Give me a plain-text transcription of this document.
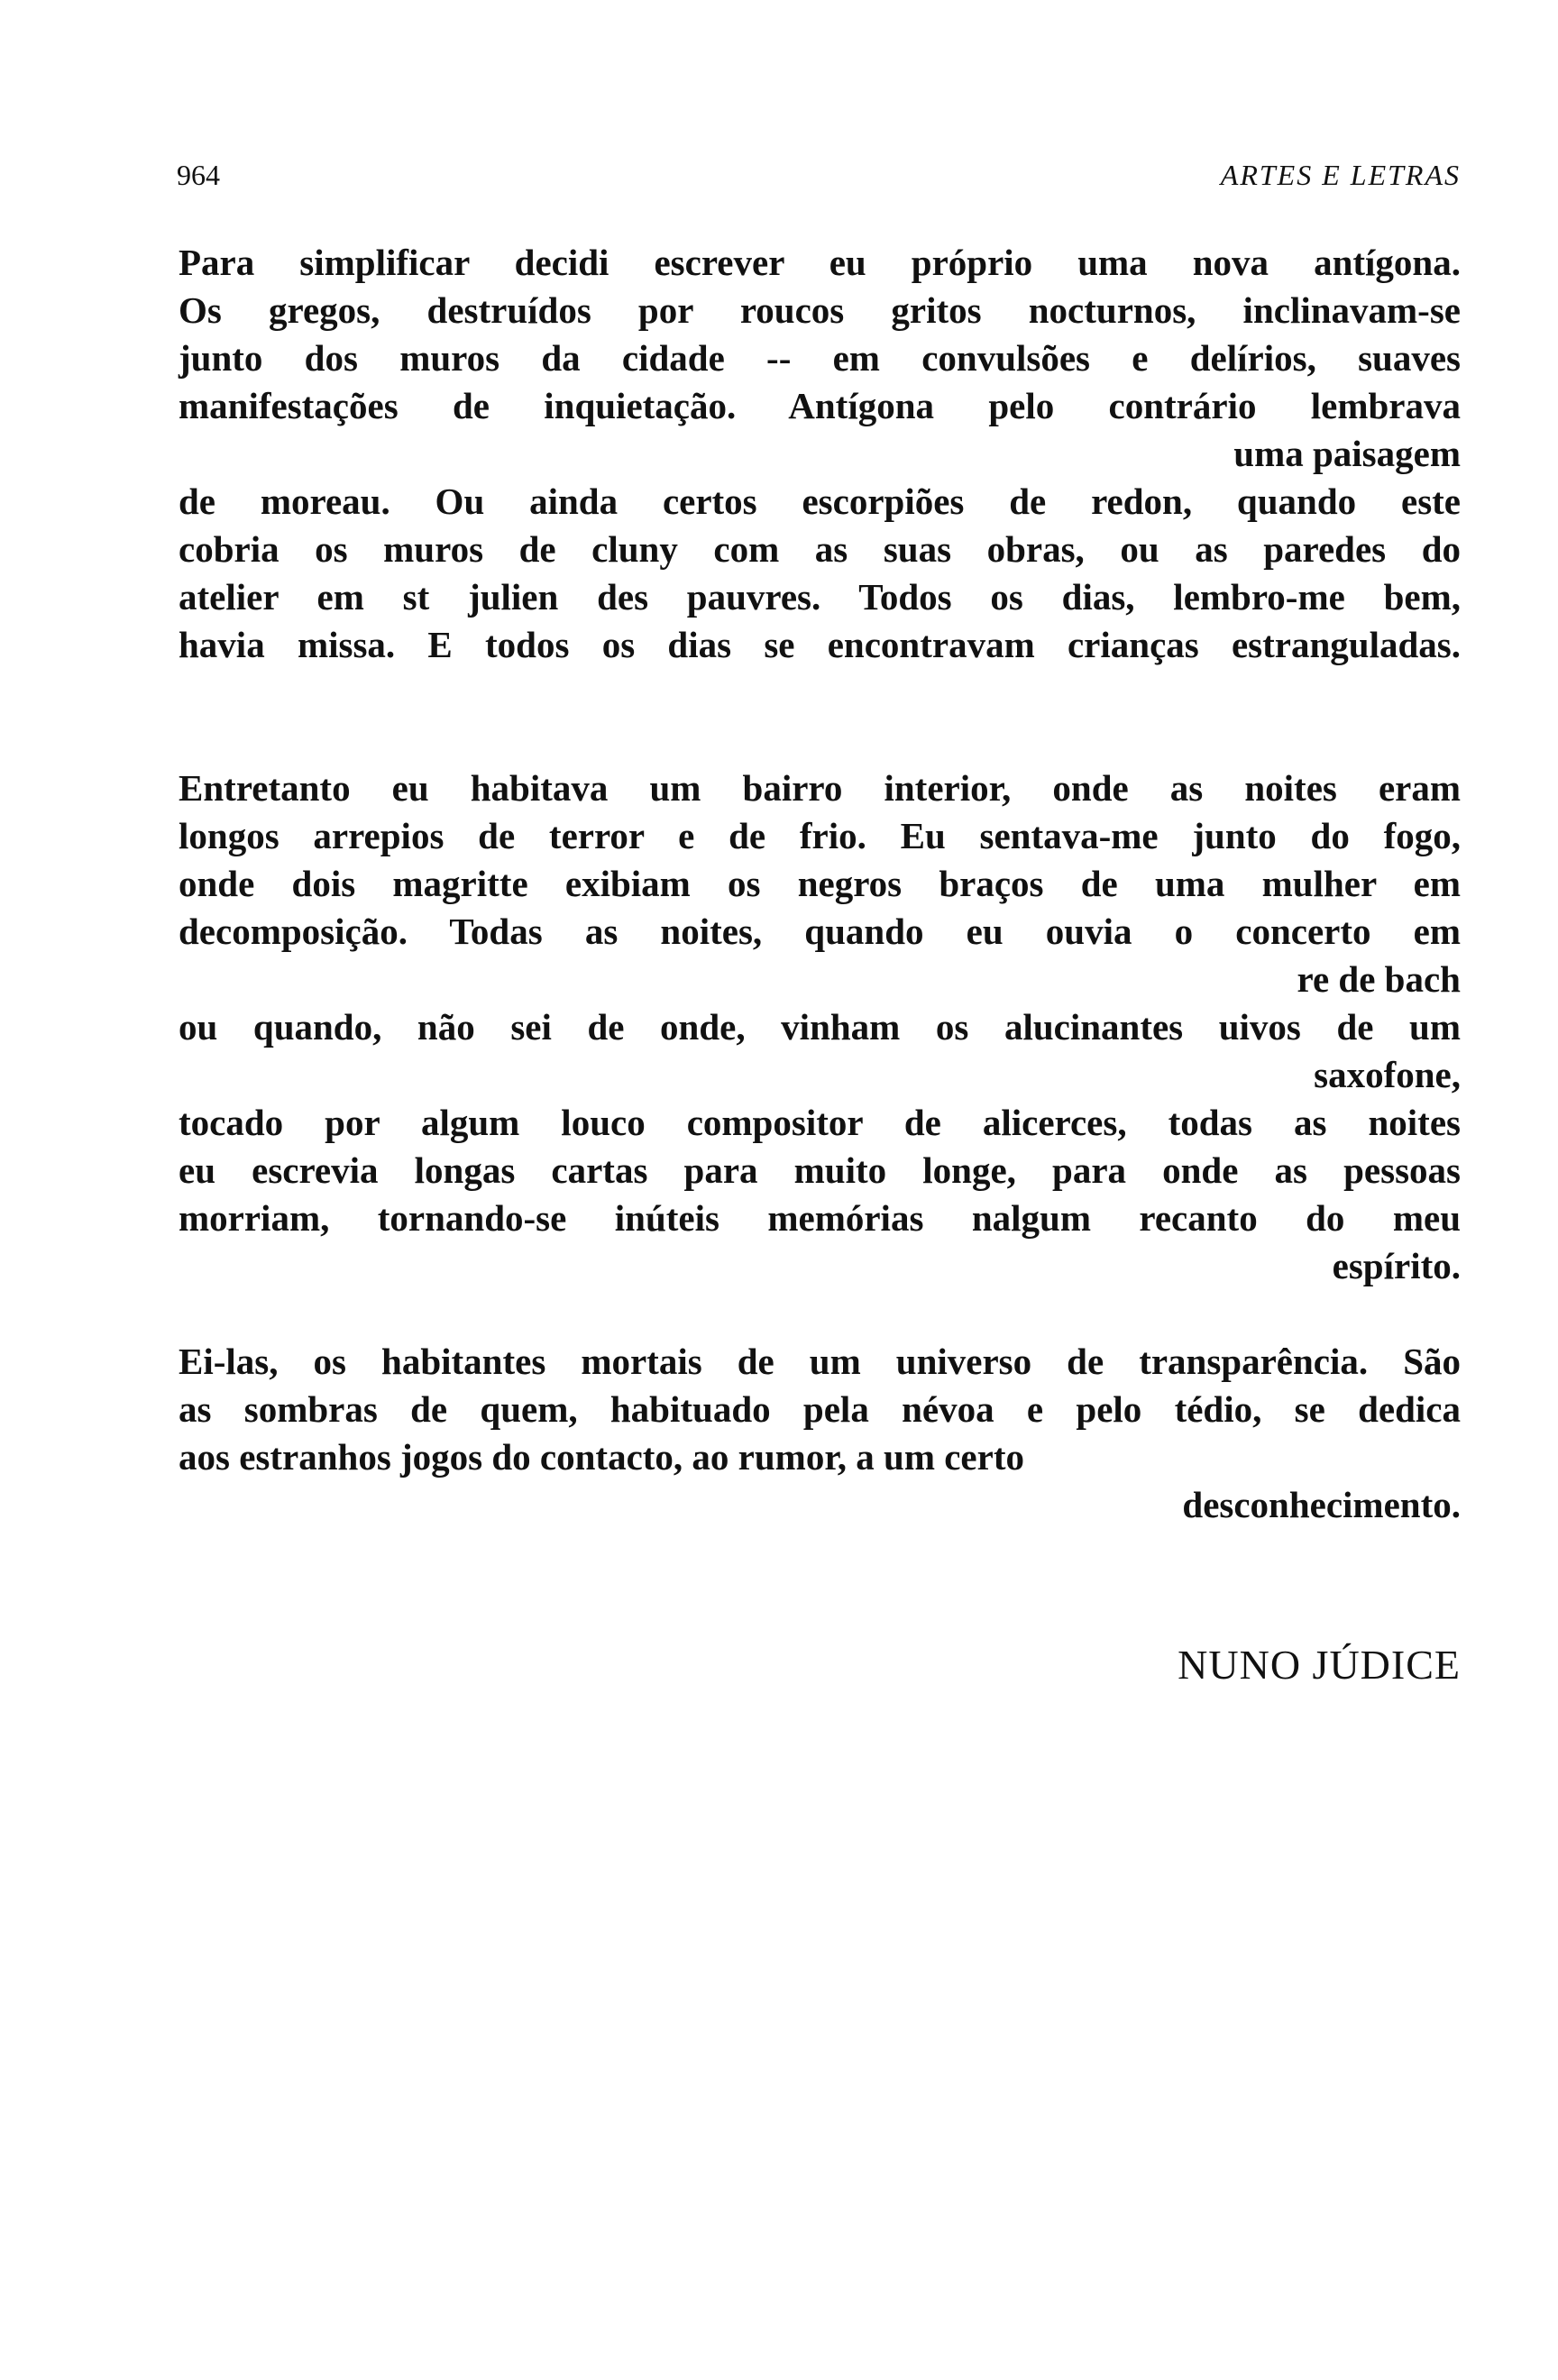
964	ARTES E LETRAS
Para simplificar decidi escrever eu próprio uma nova antígona.
Os gregos, destruídos por roucos gritos nocturnos, inclinavam-se
junto dos muros da cidade -- em convulsões e delírios, suaves
manifestações de inquietação. Antígona pelo contrário lembrava
uma paisagem
de moreau. Ou ainda certos escorpiões de redon, quando este
cobria os muros de cluny com as suas obras, ou as paredes do
atelier em st julien des pauvres. Todos os dias, lembro-me bem,
havia missa. E todos os dias se encontravam crianças estranguladas.
Entretanto eu habitava um bairro interior, onde as noites eram
longos arrepios de terror e de frio. Eu sentava-me junto do fogo,
onde dois magritte exibiam os negros braços de uma mulher em
decomposição. Todas as noites, quando eu ouvia o concerto em
re de bach
ou quando, não sei de onde, vinham os alucinantes uivos de um
saxofone,
tocado por algum louco compositor de alicerces, todas as noites
eu escrevia longas cartas para muito longe, para onde as pessoas
morriam, tornando-se inúteis memórias nalgum recanto do meu
espírito.
Ei-las, os habitantes mortais de um universo de transparência. São
as sombras de quem, habituado pela névoa e pelo tédio, se dedica
aos estranhos jogos do contacto, ao rumor, a um certo
desconhecimento.
NUNO JÚDICE
